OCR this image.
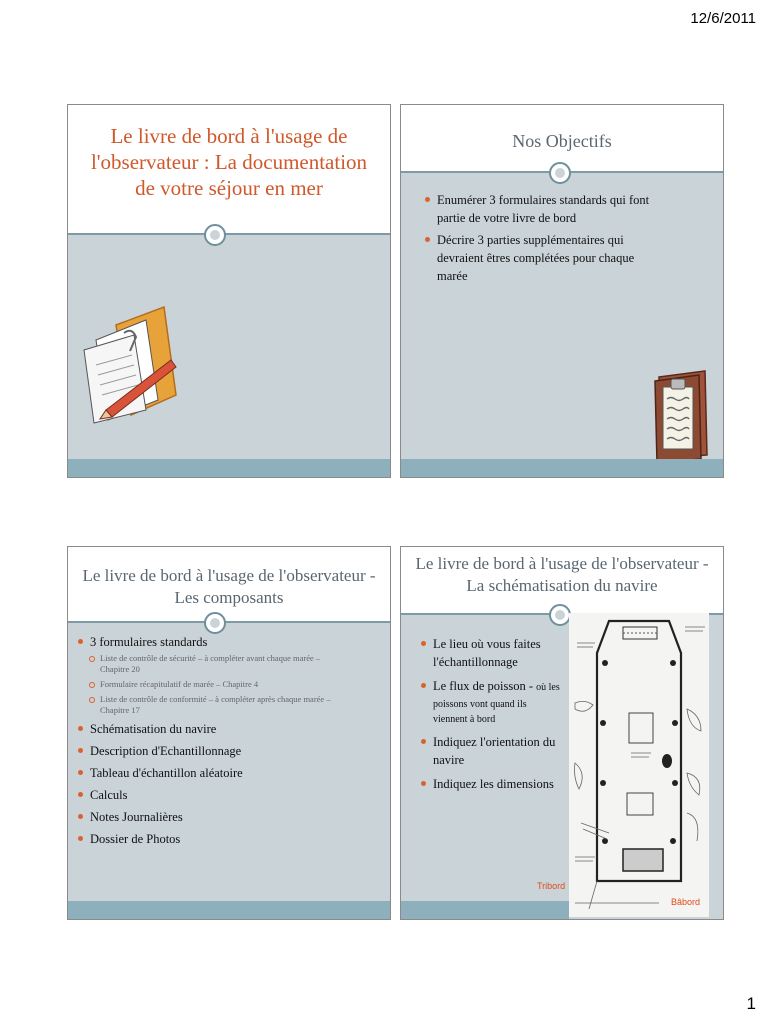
12/6/2011
Le livre de bord à l'usage de
l'observateur : La documentation
de votre séjour en mer
Nos Objectifs
Enumérer 3 formulaires standards qui font
partie de votre livre de bord
Décrire 3 parties supplémentaires qui
devraient êtres complétées pour chaque
marée
Le livre de bord à l'usage de l'observateur -
Les composants
3 formulaires standards
Liste de contrôle de sécurité – à compléter avant chaque marée –
Chapitre 20
Formulaire récapitulatif de marée – Chapitre 4
Liste de contrôle de conformité – à compléter après chaque marée –
Chapitre 17
Schématisation du navire
Description d'Echantillonnage
Tableau d'échantillon aléatoire
Calculs
Notes Journalières
Dossier de Photos
Le livre de bord à l'usage de l'observateur -
La schématisation du navire
Le lieu où vous faites
l'échantillonnage
Le flux de poisson - où les
poissons vont quand ils
viennent à bord
Indiquez l'orientation du
navire
Indiquez les dimensions
Tribord
Bâbord
1
